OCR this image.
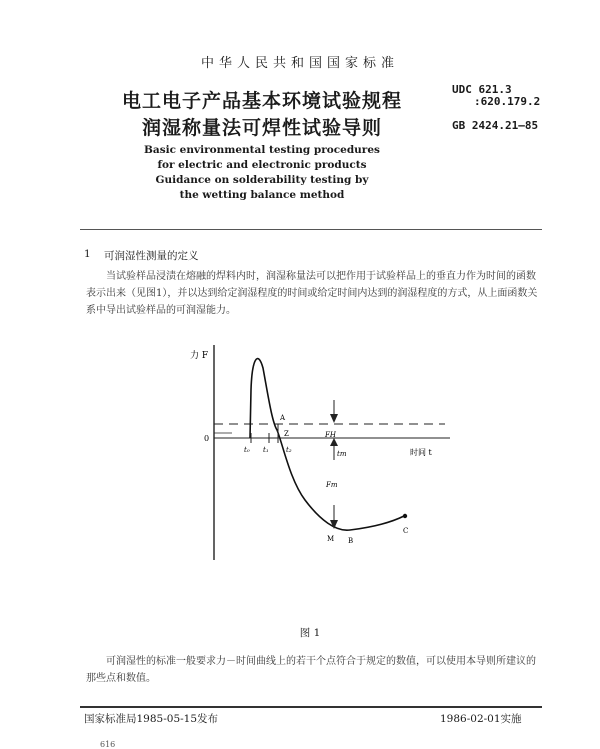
中华人民共和国国家标准
电工电子产品基本环境试验规程
润湿称量法可焊性试验导则
UDC 621.3
:620.179.2
GB 2424.21—85
Basic environmental testing procedures
for electric and electronic products
Guidance on solderability testing by
the wetting balance method
1 可润湿性测量的定义
当试验样品浸渍在熔融的焊料内时，润湿称量法可以把作用于试验样品上的垂直力作为时间的函数表示出来（见图1），并以达到给定润湿程度的时间或给定时间内达到的润湿程度的方式，从上面函数关系中导出试验样品的可润湿能力。
力 F
时间 t
0
t₀ t₁ t₂	tm
FH
Fm
A
Z
M B
C
图 1
可润湿性的标准一般要求力－时间曲线上的若干个点符合于规定的数值，可以使用本导则所建议的那些点和数值。
国家标准局1985-05-15发布	1986-02-01实施
616
